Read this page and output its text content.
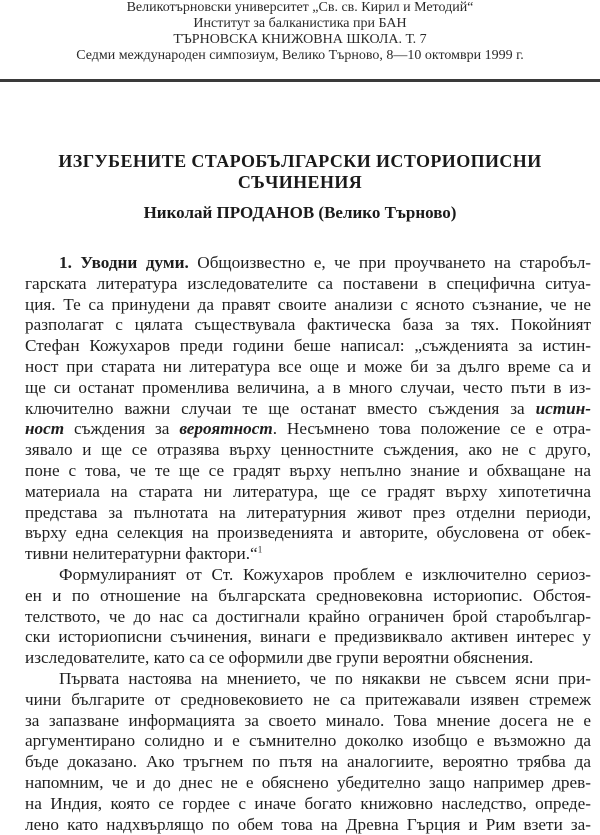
Великотърновски университет „Св. св. Кирил и Методий“
Институт за балканистика при БАН
ТЪРНОВСКА КНИЖОВНА ШКОЛА. Т. 7
Седми международен симпозиум, Велико Търново, 8—10 октомври 1999 г.
ИЗГУБЕНИТЕ СТАРОБЪЛГАРСКИ ИСТОРИОПИСНИ
СЪЧИНЕНИЯ

Николай ПРОДАНОВ (Велико Търново)

1. Уводни думи. Общоизвестно е, че при проучването на старобъл-
гарската литература изследователите са поставени в специфична ситуа-
ция. Те са принудени да правят своите анализи с ясното съзнание, че не
разполагат с цялата съществувала фактическа база за тях. Покойният
Стефан Кожухаров преди години беше написал: „съжденията за истин-
ност при старата ни литература все още и може би за дълго време са и
ще си останат променлива величина, а в много случаи, често пъти в из-
ключително важни случаи те ще останат вместо съждения за истин-
ност съждения за вероятност. Несъмнено това положение се е отра-
зявало и ще се отразява върху ценностните съждения, ако не с друго,
поне с това, че те ще се градят върху непълно знание и обхващане на
материала на старата ни литература, ще се градят върху хипотетична
представа за пълнотата на литературния живот през отделни периоди,
върху една селекция на произведенията и авторите, обусловена от обек-
тивни нелитературни фактори.“$^1$
Формулираният от Ст. Кожухаров проблем е изключително сериоз-
ен и по отношение на българската средновековна историопис. Обстоя-
телството, че до нас са достигнали крайно ограничен брой старобългар-
ски историописни съчинения, винаги е предизвиквало активен интерес у
изследователите, като са се оформили две групи вероятни обяснения.
Първата настоява на мнението, че по някакви не съвсем ясни при-
чини българите от средновековието не са притежавали изявен стремеж
за запазване информацията за своето минало. Това мнение досега не е
аргументирано солидно и е съмнително доколко изобщо е възможно да
бъде доказано. Ако тръгнем по пътя на аналогиите, вероятно трябва да
напомним, че и до днес не е обяснено убедително защо например древ-
на Индия, която се гордее с иначе богато книжовно наследство, опреде-
лено като надхвърлящо по обем това на Древна Гърция и Рим взети за-
